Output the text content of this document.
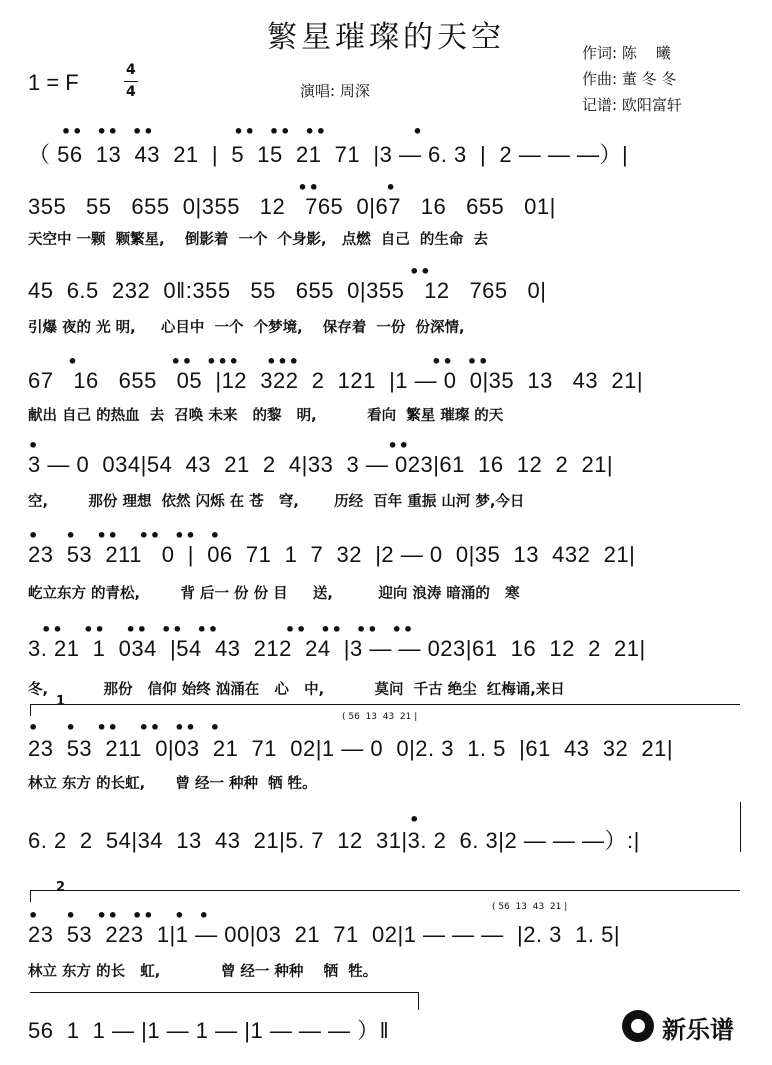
繁星璀璨的天空
1 = F	4
4	演唱: 周深
作词: 陈    曦
作曲: 董 冬 冬
记谱: 欧阳富轩
••  ••  ••            ••  ••  ••             •
（ 56  13  43  21  |  5  15  21  71  |3 — 6. 3  |  2 — — —）|
••          •
355   55   655  0|355   12   765  0|67   16   655   01|
天空中 一颗  颗繁星,    倒影着  一个  个身影,   点燃  自己  的生命  去
••
45  6.5  232  0‖:355   55   655  0|355   12   765   0|
引爆 夜的 光 明,     心目中  一个  个梦境,    保存着  一份  份深情,
•              ••  •••    •••                    ••  ••
67   16   655   05  |12  322  2  121  |1 — 0  0|35  13   43  21|
献出 自己 的热血  去  召唤 未来   的黎   明,          看向  繁星 璀璨 的天
•                                                     ••
3 — 0  034|54  43  21  2  4|33  3 — 023|61  16  12  2  21|
空,        那份 理想  依然 闪烁 在 苍   穹,       历经  百年 重振 山河 梦,今日
•    •   ••   ••  ••  •
23  53  211   0  |  06  71  1  7  32  |2 — 0  0|35  13  432  21|
屹立东方 的青松,        背 后一 份 份 目     送,         迎向 浪涛 暗涌的   寒
••   ••   ••  ••  ••          ••  ••  ••  ••
3. 21  1  034  |54  43  212  24  |3 — — 023|61  16  12  2  21|
冬,           那份   信仰 始终 汹涌在   心   中,          莫问  千古 绝尘  红梅诵,来日
1
( 56  13  43  21 |
•    •   ••   ••  ••  •
23  53  211  0|03  21  71  02|1 — 0  0|2. 3  1. 5  |61  43  32  21|
林立 东方 的长虹,      曾 经一 种种  牺 牲。
•
6. 2  2  54|34  13  43  21|5. 7  12  31|3. 2  6. 3|2 — — —）:|
2
( 56  13  43  21 |
•    •   ••  ••   •  •
23  53  223  1|1 — 00|03  21  71  02|1 — — —  |2. 3  1. 5|
林立 东方 的长   虹,            曾 经一 种种    牺  牲。
56  1  1 — |1 — 1 — |1 — — — ）‖

	新乐谱
